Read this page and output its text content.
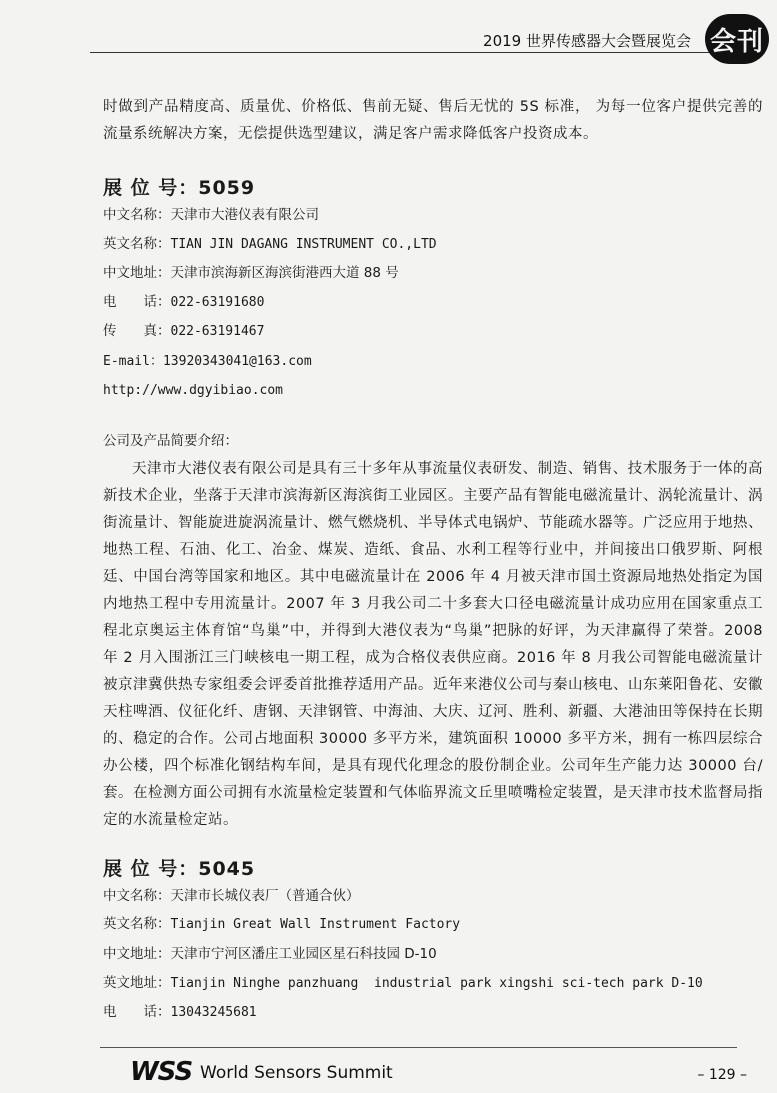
2019 世界传感器大会暨展览会 会刊

时做到产品精度高、质量优、价格低、售前无疑、售后无忧的 5S 标准， 为每一位客户提供完善的流量系统解决方案，无偿提供选型建议，满足客户需求降低客户投资成本。

展 位 号：5059

中文名称：天津市大港仪表有限公司

英文名称：TIAN JIN DAGANG INSTRUMENT CO.,LTD

中文地址：天津市滨海新区海滨街港西大道 88 号

电　　话：022-63191680

传　　真：022-63191467

E-mail：13920343041@163.com

http://www.dgyibiao.com

公司及产品简要介绍：

天津市大港仪表有限公司是具有三十多年从事流量仪表研发、制造、销售、技术服务于一体的高新技术企业，坐落于天津市滨海新区海滨街工业园区。主要产品有智能电磁流量计、涡轮流量计、涡街流量计、智能旋进旋涡流量计、燃气燃烧机、半导体式电锅炉、节能疏水器等。广泛应用于地热、地热工程、石油、化工、冶金、煤炭、造纸、食品、水利工程等行业中，并间接出口俄罗斯、阿根廷、中国台湾等国家和地区。其中电磁流量计在 2006 年 4 月被天津市国土资源局地热处指定为国内地热工程中专用流量计。2007 年 3 月我公司二十多套大口径电磁流量计成功应用在国家重点工程北京奥运主体育馆“鸟巢”中，并得到大港仪表为“鸟巢”把脉的好评，为天津赢得了荣誉。2008 年 2 月入围浙江三门峡核电一期工程，成为合格仪表供应商。2016 年 8 月我公司智能电磁流量计被京津冀供热专家组委会评委首批推荐适用产品。近年来港仪公司与秦山核电、山东莱阳鲁花、安徽天柱啤酒、仪征化纤、唐钢、天津钢管、中海油、大庆、辽河、胜利、新疆、大港油田等保持在长期的、稳定的合作。公司占地面积 30000 多平方米，建筑面积 10000 多平方米，拥有一栋四层综合办公楼，四个标准化钢结构车间，是具有现代化理念的股份制企业。公司年生产能力达 30000 台/套。在检测方面公司拥有水流量检定装置和气体临界流文丘里喷嘴检定装置，是天津市技术监督局指定的水流量检定站。

展 位 号：5045

中文名称：天津市长城仪表厂（普通合伙）

英文名称：Tianjin Great Wall Instrument Factory

中文地址：天津市宁河区潘庄工业园区星石科技园 D-10

英文地址：Tianjin Ninghe panzhuang  industrial park xingshi sci-tech park D-10

电　　话：13043245681

WSS World Sensors Summit	– 129 –
